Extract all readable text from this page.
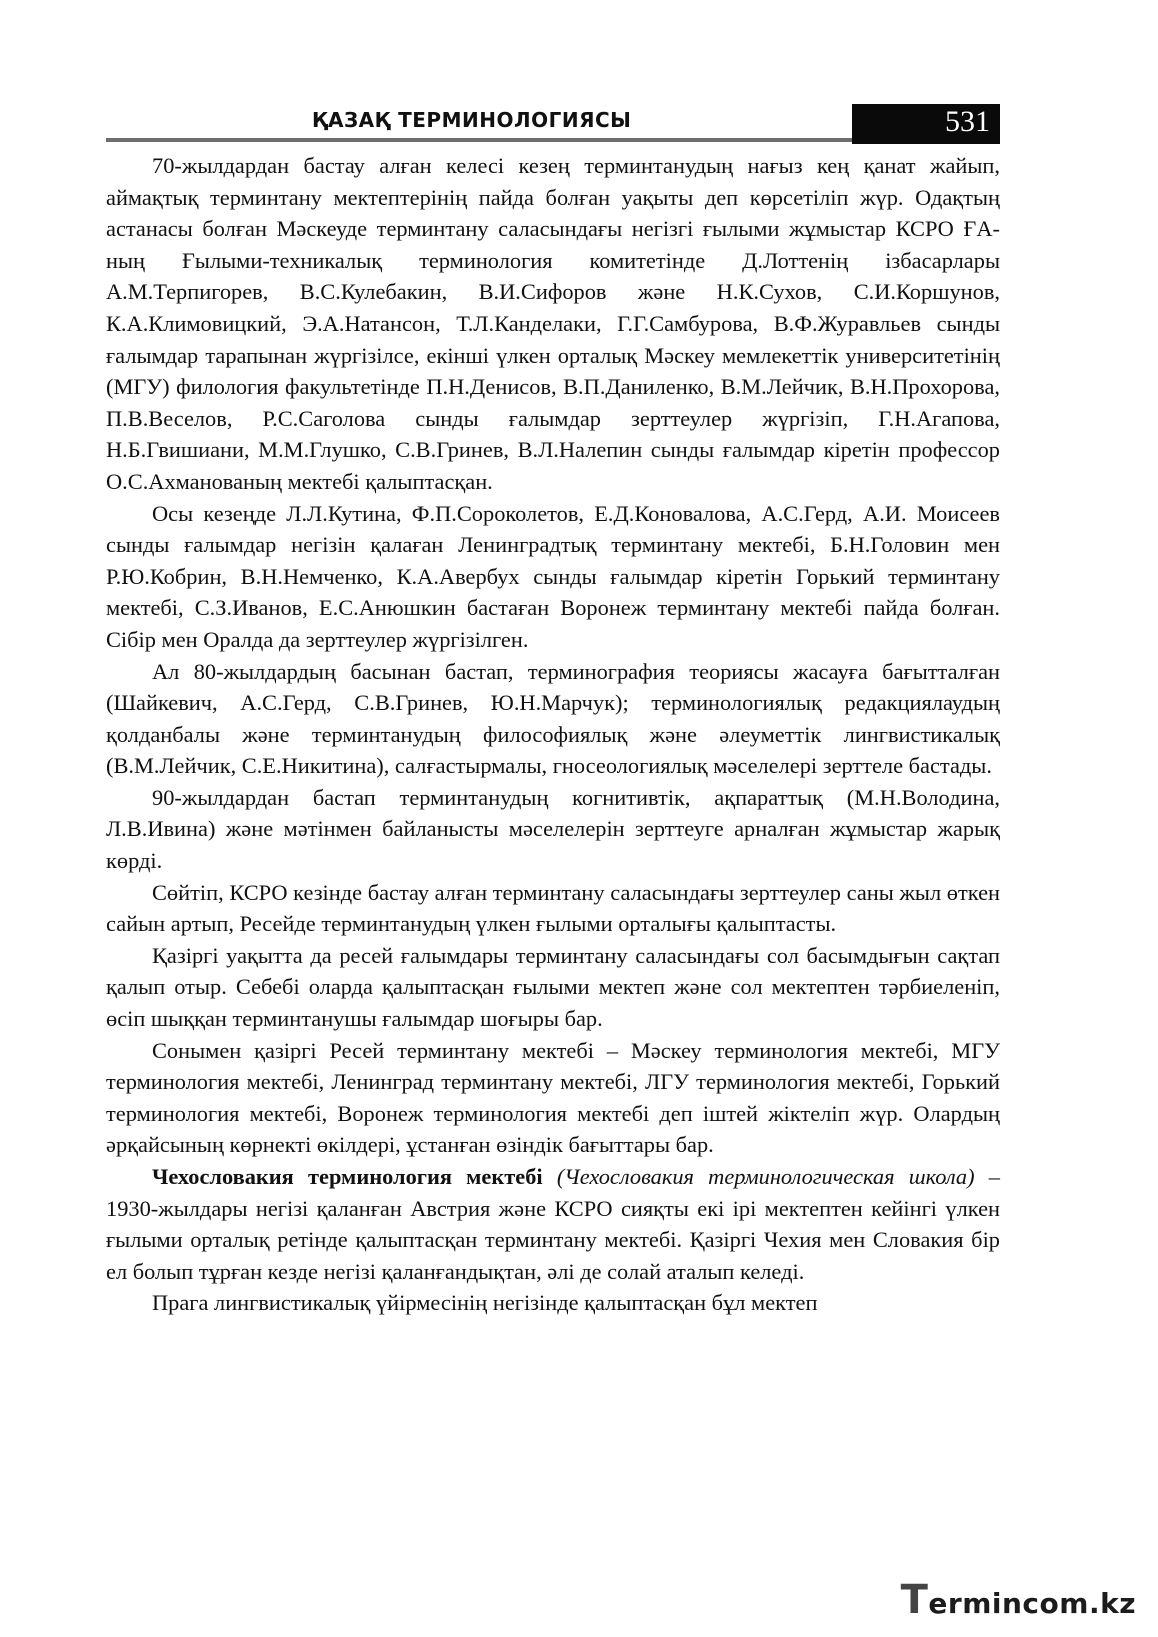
ҚАЗАҚ ТЕРМИНОЛОГИЯСЫ	531

70-жылдардан бастау алған келесі кезең терминтанудың нағыз кең қанат жайып, аймақтық терминтану мектептерінің пайда болған уақыты деп көрсетіліп жүр. Одақтың астанасы болған Мәскеуде терминтану саласындағы негізгі ғылыми жұмыстар КСРО ҒА-ның Ғылыми-техникалық терминология комитетінде Д.Лоттенің ізбасарлары А.М.Терпигорев, В.С.Кулебакин, В.И.Сифоров және Н.К.Сухов, С.И.Коршунов, К.А.Климовицкий, Э.А.Натансон, Т.Л.Канделаки, Г.Г.Самбурова, В.Ф.Журавльев сынды ғалымдар тарапынан жүргізілсе, екінші үлкен орталық Мәскеу мемлекеттік университетінің (МГУ) филология факультетінде П.Н.Денисов, В.П.Даниленко, В.М.Лейчик, В.Н.Прохорова, П.В.Веселов, Р.С.Саголова сынды ғалымдар зерттеулер жүргізіп, Г.Н.Агапова, Н.Б.Гвишиани, М.М.Глушко, С.В.Гринев, В.Л.Налепин сынды ғалымдар кіретін профессор О.С.Ахманованың мектебі қалыптасқан.

Осы кезеңде Л.Л.Кутина, Ф.П.Сороколетов, Е.Д.Коновалова, А.С.Герд, А.И. Моисеев сынды ғалымдар негізін қалаған Ленинградтық терминтану мектебі, Б.Н.Головин мен Р.Ю.Кобрин, В.Н.Немченко, К.А.Авербух сынды ғалымдар кіретін Горький терминтану мектебі, С.З.Иванов, Е.С.Анюшкин бастаған Воронеж терминтану мектебі пайда болған. Сібір мен Оралда да зерттеулер жүргізілген.

Ал 80-жылдардың басынан бастап, терминография теориясы жасауға бағытталған (Шайкевич, А.С.Герд, С.В.Гринев, Ю.Н.Марчук); терминологиялық редакциялаудың қолданбалы және терминтанудың философиялық және әлеуметтік лингвистикалық (В.М.Лейчик, С.Е.Никитина), салғастырмалы, гносеологиялық мәселелері зерттеле бастады.

90-жылдардан бастап терминтанудың когнитивтік, ақпараттық (М.Н.Володина, Л.В.Ивина) және мәтінмен байланысты мәселелерін зерттеуге арналған жұмыстар жарық көрді.

Сөйтіп, КСРО кезінде бастау алған терминтану саласындағы зерттеулер саны жыл өткен сайын артып, Ресейде терминтанудың үлкен ғылыми орталығы қалыптасты.

Қазіргі уақытта да ресей ғалымдары терминтану саласындағы сол басымдығын сақтап қалып отыр. Себебі оларда қалыптасқан ғылыми мектеп және сол мектептен тәрбиеленіп, өсіп шыққан терминтанушы ғалымдар шоғыры бар.

Сонымен қазіргі Ресей терминтану мектебі – Мәскеу терминология мектебі, МГУ терминология мектебі, Ленинград терминтану мектебі, ЛГУ терминология мектебі, Горький терминология мектебі, Воронеж терминология мектебі деп іштей жіктеліп жүр. Олардың әрқайсының көрнекті өкілдері, ұстанған өзіндік бағыттары бар.

Чехословакия терминология мектебі (Чехословакия терминологическая школа) –1930-жылдары негізі қаланған Австрия және КСРО сияқты екі ірі мектептен кейінгі үлкен ғылыми орталық ретінде қалыптасқан терминтану мектебі. Қазіргі Чехия мен Словакия бір ел болып тұрған кезде негізі қаланғандықтан, әлі де солай аталып келеді.

Прага лингвистикалық үйірмесінің негізінде қалыптасқан бұл мектеп

Termincom.kz
